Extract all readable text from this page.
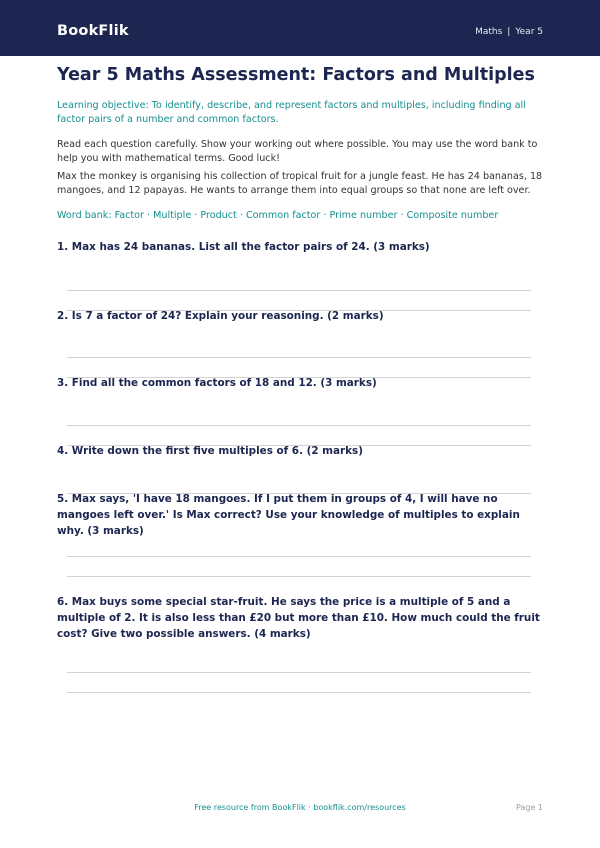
BookFlik	Maths | Year 5
Year 5 Maths Assessment: Factors and Multiples

Learning objective: To identify, describe, and represent factors and multiples, including finding all factor pairs of a number and common factors.

Read each question carefully. Show your working out where possible. You may use the word bank to help you with mathematical terms. Good luck!

Max the monkey is organising his collection of tropical fruit for a jungle feast. He has 24 bananas, 18 mangoes, and 12 papayas. He wants to arrange them into equal groups so that none are left over.

Word bank: Factor · Multiple · Product · Common factor · Prime number · Composite number

1. Max has 24 bananas. List all the factor pairs of 24. (3 marks)

2. Is 7 a factor of 24? Explain your reasoning. (2 marks)

3. Find all the common factors of 18 and 12. (3 marks)

4. Write down the first five multiples of 6. (2 marks)

5. Max says, 'I have 18 mangoes. If I put them in groups of 4, I will have no mangoes left over.' Is Max correct? Use your knowledge of multiples to explain why. (3 marks)

6. Max buys some special star-fruit. He says the price is a multiple of 5 and a multiple of 2. It is also less than £20 but more than £10. How much could the fruit cost? Give two possible answers. (4 marks)

Free resource from BookFlik · bookflik.com/resources	Page 1
